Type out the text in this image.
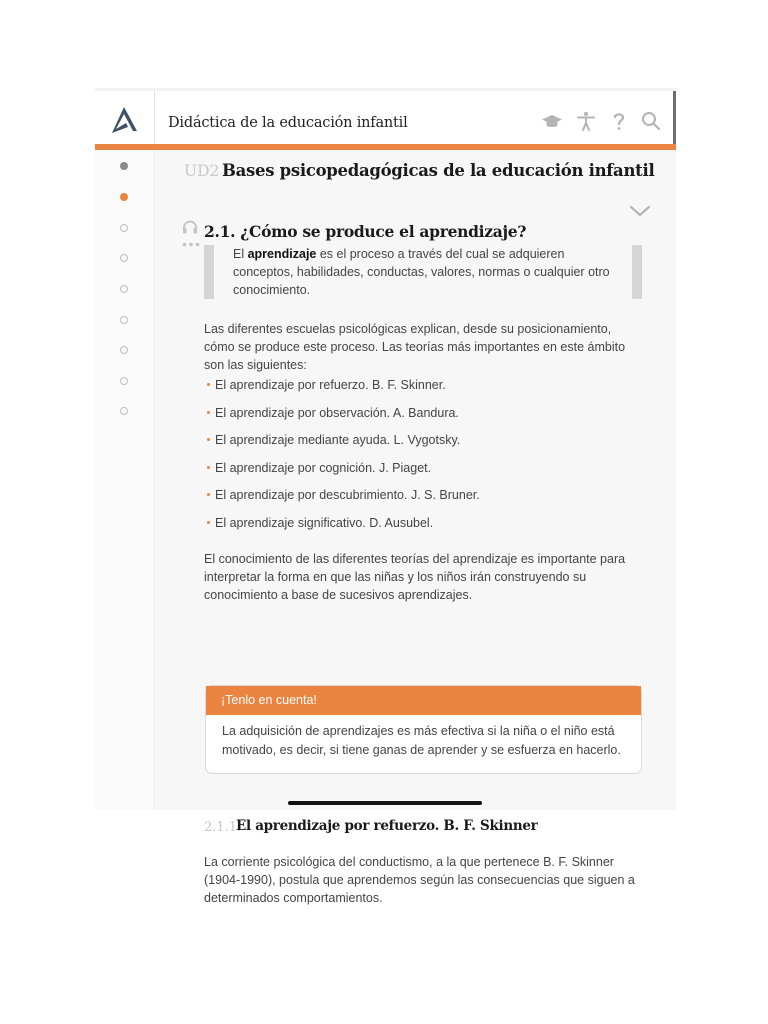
Didáctica de la educación infantil
UD2 Bases psicopedagógicas de la educación infantil
2.1. ¿Cómo se produce el aprendizaje?
El aprendizaje es el proceso a través del cual se adquieren conceptos, habilidades, conductas, valores, normas o cualquier otro conocimiento.
Las diferentes escuelas psicológicas explican, desde su posicionamiento, cómo se produce este proceso. Las teorías más importantes en este ámbito son las siguientes:
El aprendizaje por refuerzo. B. F. Skinner.
El aprendizaje por observación. A. Bandura.
El aprendizaje mediante ayuda. L. Vygotsky.
El aprendizaje por cognición. J. Piaget.
El aprendizaje por descubrimiento. J. S. Bruner.
El aprendizaje significativo. D. Ausubel.
El conocimiento de las diferentes teorías del aprendizaje es importante para interpretar la forma en que las niñas y los niños irán construyendo su conocimiento a base de sucesivos aprendizajes.
¡Tenlo en cuenta!
La adquisición de aprendizajes es más efectiva si la niña o el niño está motivado, es decir, si tiene ganas de aprender y se esfuerza en hacerlo.
2.1.1.
El aprendizaje por refuerzo. B. F. Skinner
La corriente psicológica del conductismo, a la que pertenece B. F. Skinner (1904-1990), postula que aprendemos según las consecuencias que siguen a determinados comportamientos.
